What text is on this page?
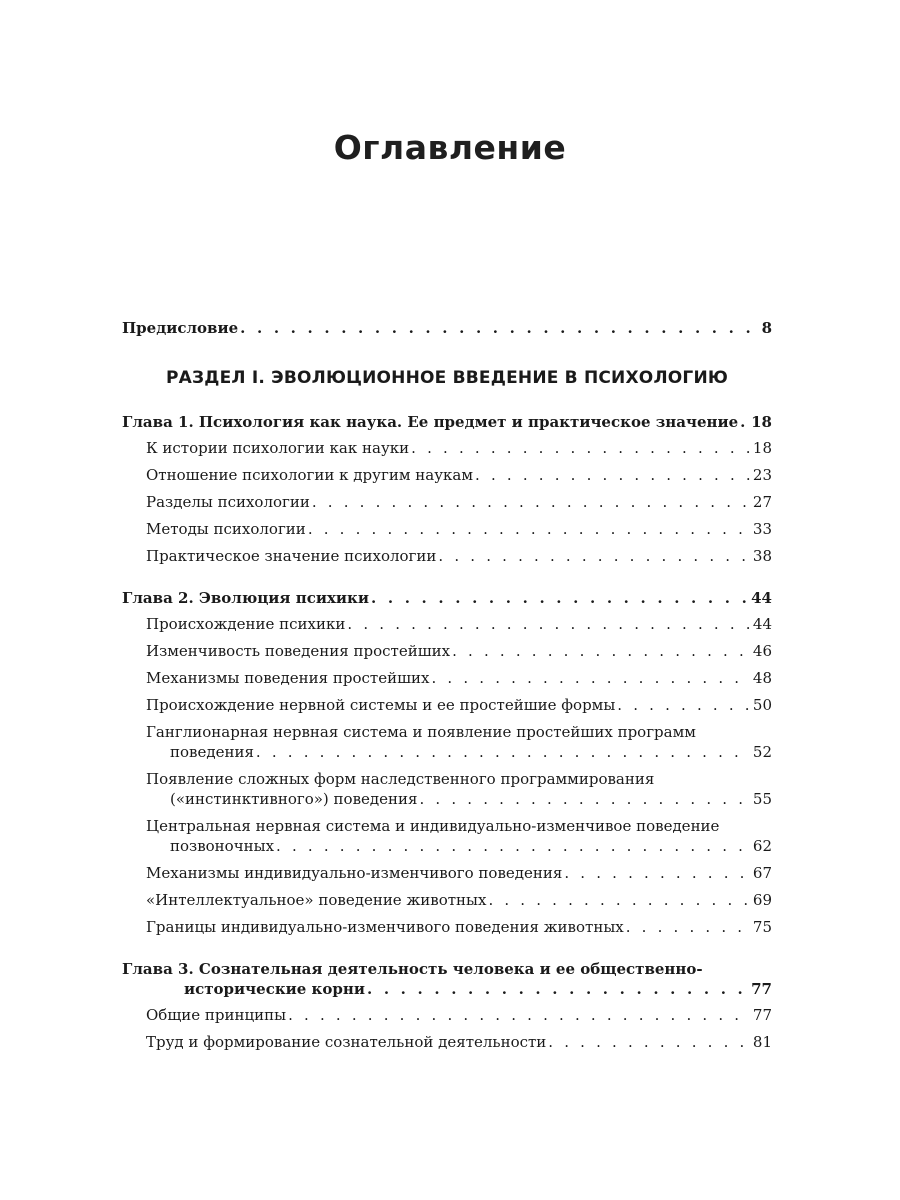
Оглавление
Предисловие . . .	8
РАЗДЕЛ I. ЭВОЛЮЦИОННОЕ ВВЕДЕНИЕ В ПСИХОЛОГИЮ
Глава 1. Психология как наука. Ее предмет и практическое значение . . . 18
К истории психологии как науки . . .	18
Отношение психологии к другим наукам . . .	23
Разделы психологии . . .	27
Методы психологии . . .	33
Практическое значение психологии . . .	38
Глава 2. Эволюция психики . . .	44
Происхождение психики . . .	44
Изменчивость поведения простейших . . .	46
Механизмы поведения простейших . . .	48
Происхождение нервной системы и ее простейшие формы . . .	50
Ганглионарная нервная система и появление простейших программ
поведения . . .	52
Появление сложных форм наследственного программирования
(«инстинктивного») поведения . . .	55
Центральная нервная система и индивидуально-изменчивое поведение
позвоночных . . .	62
Механизмы индивидуально-изменчивого поведения . . .	67
«Интеллектуальное» поведение животных . . .	69
Границы индивидуально-изменчивого поведения животных . . .	75
Глава 3. Сознательная деятельность человека и ее общественно-
исторические корни . . .	77
Общие принципы . . .	77
Труд и формирование сознательной деятельности . . .	81
